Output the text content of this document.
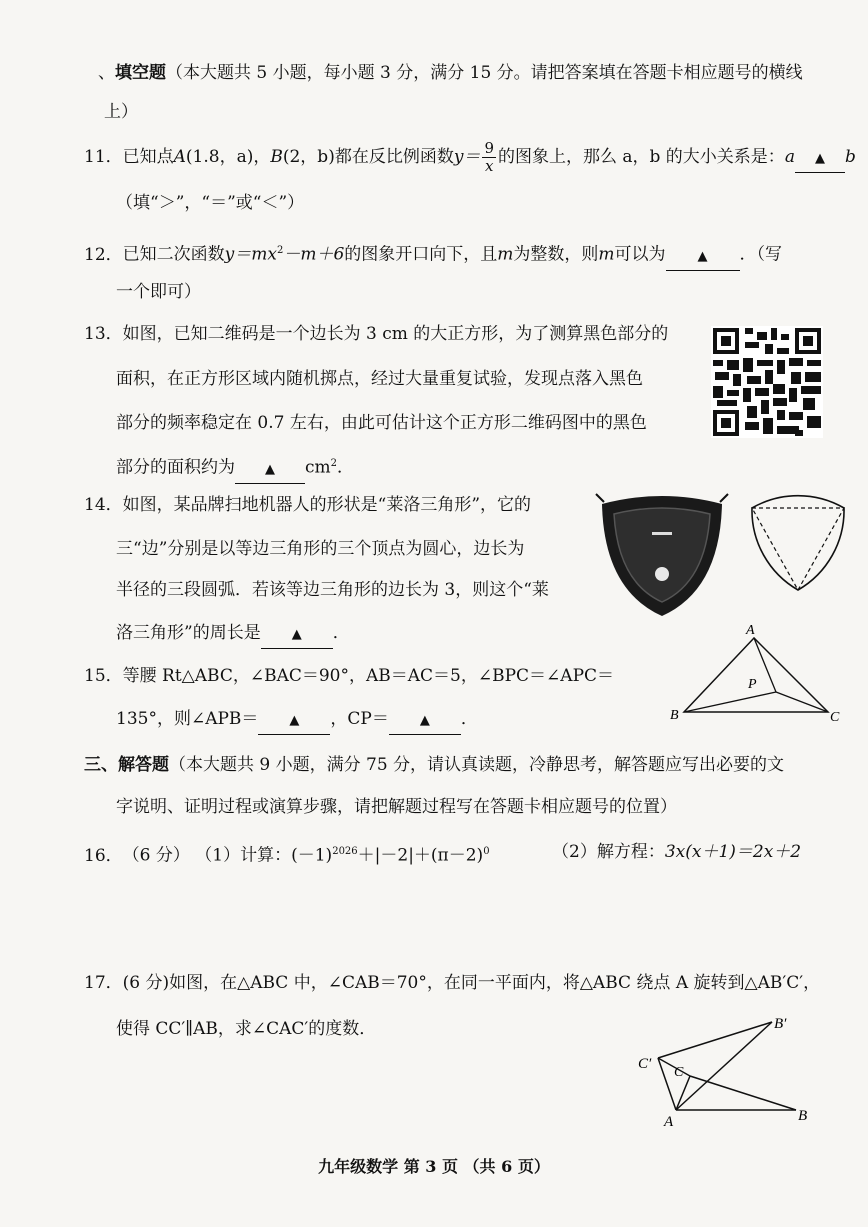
、填空题（本大题共 5 小题，每小题 3 分，满分 15 分。请把答案填在答题卡相应题号的横线
上）
11．已知点A(1.8，a)，B(2，b)都在反比例函数$y= \frac{9}{x}$ 的图象上，那么 a，b 的大小关系是：a ▲ b
（填“＞”，“＝”或“＜”）
12．已知二次函数$y=mx^2-m+6$的图象开口向下，且m为整数，则m可以为 ▲ ．（写
一个即可）
13．如图，已知二维码是一个边长为 3 cm 的大正方形，为了测算黑色部分的
面积，在正方形区域内随机掷点，经过大量重复试验，发现点落入黑色
部分的频率稳定在 0.7 左右，由此可估计这个正方形二维码图中的黑色
部分的面积约为 ▲ $cm^2$．
14．如图，某品牌扫地机器人的形状是“莱洛三角形”，它的
三“边”分别是以等边三角形的三个顶点为圆心，边长为
半径的三段圆弧．若该等边三角形的边长为 3，则这个“莱
洛三角形”的周长是 ▲ ．
15．等腰 Rt△ABC，∠BAC＝90°，AB＝AC＝5，∠BPC＝∠APC＝
135°，则∠APB＝ ▲ ，CP＝ ▲ ．
A
B	C
P
三、解答题（本大题共 9 小题，满分 75 分，请认真读题，冷静思考，解答题应写出必要的文
字说明、证明过程或演算步骤，请把解题过程写在答题卡相应题号的位置）
16．（6 分） （1）计算：$(-1)^{2026}+|-2|+(\pi-2)^0$	（2）解方程：3x(x＋1)＝2x＋2
17．(6 分)如图，在△ABC 中，∠CAB＝70°，在同一平面内，将△ABC 绕点 A 旋转到△AB′C′，
使得 CC′∥AB，求∠CAC′的度数．
A	B
C
C′
B′
九年级数学 第 3 页 （共 6 页）
